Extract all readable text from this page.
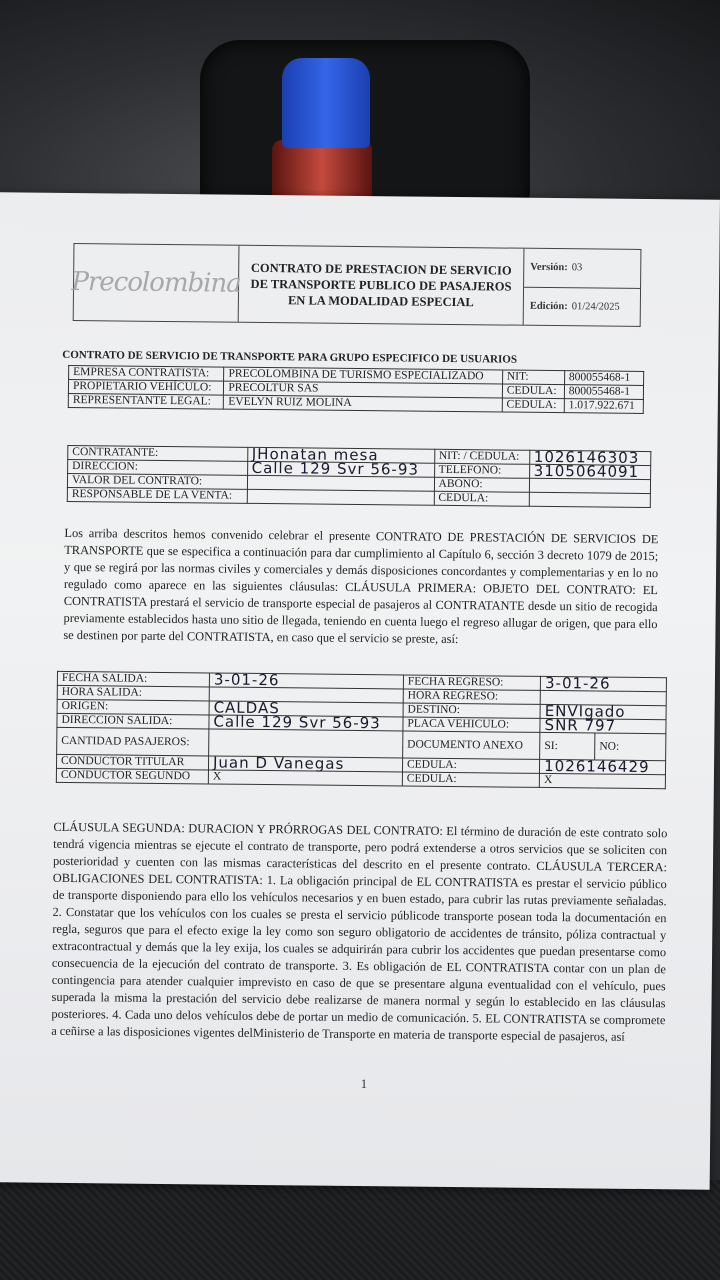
Precolombina CONTRATO DE PRESTACION DE SERVICIO
DE TRANSPORTE PUBLICO DE PASAJEROS
EN LA MODALIDAD ESPECIAL
Versión: 03
Edición: 01/24/2025
CONTRATO DE SERVICIO DE TRANSPORTE PARA GRUPO ESPECIFICO DE USUARIOS
EMPRESA CONTRATISTA:	PRECOLOMBINA DE TURISMO ESPECIALIZADO	NIT:	800055468-1
PROPIETARIO VEHÍCULO:	PRECOLTUR SAS	CEDULA:	800055468-1
REPRESENTANTE LEGAL:	EVELYN RUIZ MOLINA	CEDULA:	1.017.922.671
CONTRATANTE:	JHonatan mesa	NIT: / CEDULA:	1026146303
DIRECCION:	Calle 129 Svr 56-93	TELEFONO:	3105064091
VALOR DEL CONTRATO:		ABONO:	
RESPONSABLE DE LA VENTA:		CEDULA:	
Los arriba descritos hemos convenido celebrar el presente CONTRATO DE PRESTACIÓN DE SERVICIOS DE TRANSPORTE que se especifica a continuación para dar cumplimiento al Capítulo 6, sección 3 decreto 1079 de 2015; y que se regirá por las normas civiles y comerciales y demás disposiciones concordantes y complementarias y en lo no regulado como aparece en las siguientes cláusulas: CLÁUSULA PRIMERA: OBJETO DEL CONTRATO: EL CONTRATISTA prestará el servicio de transporte especial de pasajeros al CONTRATANTE desde un sitio de recogida previamente establecidos hasta uno sitio de llegada, teniendo en cuenta luego el regreso allugar de origen, que para ello se destinen por parte del CONTRATISTA, en caso que el servicio se preste, así:
FECHA SALIDA:	3-01-26	FECHA REGRESO:	3-01-26	
HORA SALIDA:		HORA REGRESO:		
ORIGEN:	CALDAS	DESTINO:	ENVIgado	
DIRECCION SALIDA:	Calle 129 Svr 56-93	PLACA VEHICULO:	SNR 797	
CANTIDAD PASAJEROS:		DOCUMENTO ANEXO	SI:	NO:
CONDUCTOR TITULAR	Juan D Vanegas	CEDULA:	1026146429	
CONDUCTOR SEGUNDO	X	CEDULA:	X	
CLÁUSULA SEGUNDA: DURACION Y PRÓRROGAS DEL CONTRATO: El término de duración de este contrato solo tendrá vigencia mientras se ejecute el contrato de transporte, pero podrá extenderse a otros servicios que se soliciten con posterioridad y cuenten con las mismas características del descrito en el presente contrato. CLÁUSULA TERCERA: OBLIGACIONES DEL CONTRATISTA: 1. La obligación principal de EL CONTRATISTA es prestar el servicio público de transporte disponiendo para ello los vehículos necesarios y en buen estado, para cubrir las rutas previamente señaladas. 2. Constatar que los vehículos con los cuales se presta el servicio públicode transporte posean toda la documentación en regla, seguros que para el efecto exige la ley como son seguro obligatorio de accidentes de tránsito, póliza contractual y extracontractual y demás que la ley exija, los cuales se adquirirán para cubrir los accidentes que puedan presentarse como consecuencia de la ejecución del contrato de transporte. 3. Es obligación de EL CONTRATISTA contar con un plan de contingencia para atender cualquier imprevisto en caso de que se presentare alguna eventualidad con el vehículo, pues superada la misma la prestación del servicio debe realizarse de manera normal y según lo establecido en las cláusulas posteriores. 4. Cada uno delos vehículos debe de portar un medio de comunicación. 5. EL CONTRATISTA se compromete a ceñirse a las disposiciones vigentes delMinisterio de Transporte en materia de transporte especial de pasajeros, así
1
